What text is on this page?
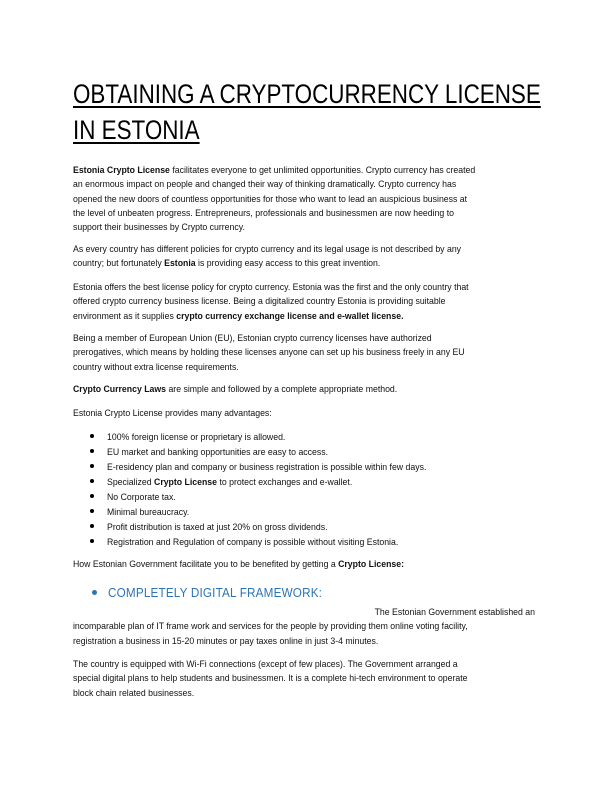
OBTAINING A CRYPTOCURRENCY LICENSE
IN ESTONIA
Estonia Crypto License facilitates everyone to get unlimited opportunities. Crypto currency has created
an enormous impact on people and changed their way of thinking dramatically. Crypto currency has
opened the new doors of countless opportunities for those who want to lead an auspicious business at
the level of unbeaten progress. Entrepreneurs, professionals and businessmen are now heeding to
support their businesses by Crypto currency.
As every country has different policies for crypto currency and its legal usage is not described by any
country; but fortunately Estonia is providing easy access to this great invention.
Estonia offers the best license policy for crypto currency. Estonia was the first and the only country that
offered crypto currency business license. Being a digitalized country Estonia is providing suitable
environment as it supplies crypto currency exchange license and e-wallet license.
Being a member of European Union (EU), Estonian crypto currency licenses have authorized
prerogatives, which means by holding these licenses anyone can set up his business freely in any EU
country without extra license requirements.
Crypto Currency Laws are simple and followed by a complete appropriate method.
Estonia Crypto License provides many advantages:
100% foreign license or proprietary is allowed.
EU market and banking opportunities are easy to access.
E-residency plan and company or business registration is possible within few days.
Specialized Crypto License to protect exchanges and e-wallet.
No Corporate tax.
Minimal bureaucracy.
Profit distribution is taxed at just 20% on gross dividends.
Registration and Regulation of company is possible without visiting Estonia.
How Estonian Government facilitate you to be benefited by getting a Crypto License:
COMPLETELY DIGITAL FRAMEWORK:
The Estonian Government established an
incomparable plan of IT frame work and services for the people by providing them online voting facility,
registration a business in 15-20 minutes or pay taxes online in just 3-4 minutes.
The country is equipped with Wi-Fi connections (except of few places). The Government arranged a
special digital plans to help students and businessmen. It is a complete hi-tech environment to operate
block chain related businesses.
